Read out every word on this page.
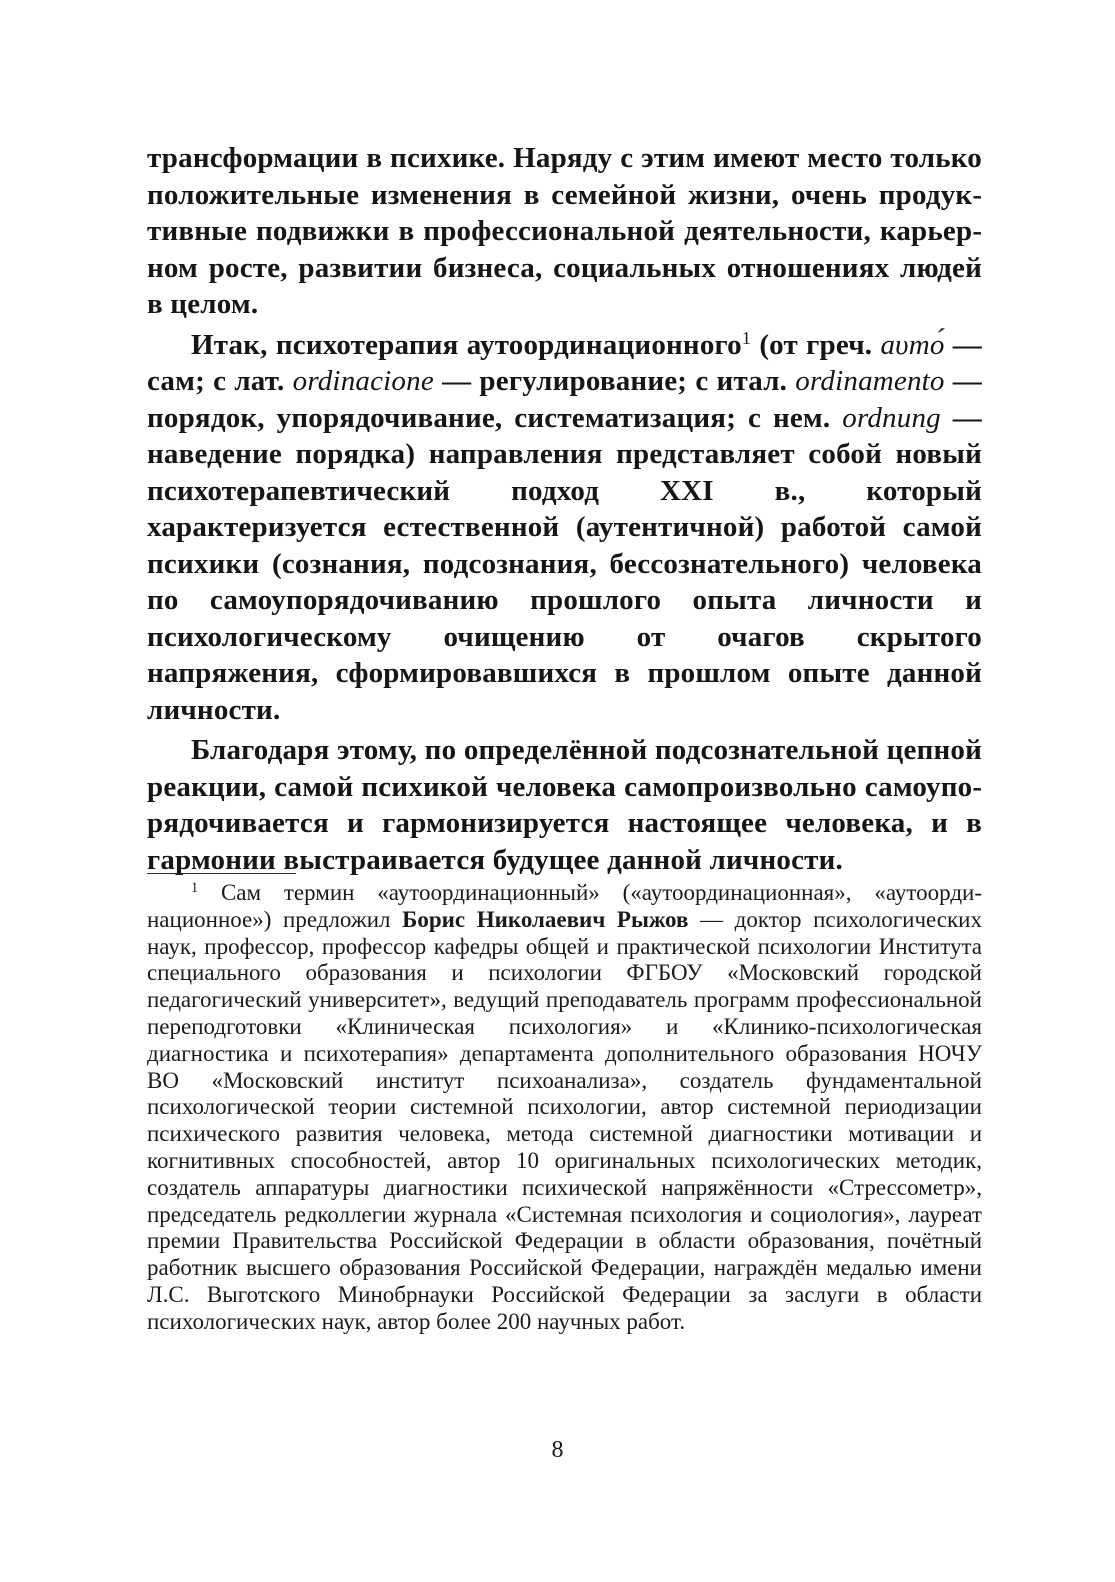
трансформации в психике. Наряду с этим имеют место только положительные изменения в семейной жизни, очень продуктивные подвижки в профессиональной деятельности, карьерном росте, развитии бизнеса, социальных отношениях людей в целом.

Итак, психотерапия аутоординационного$^1$ (от греч. аυто́ — сам; с лат. ordinacione — регулирование; с итал. ordinamento — порядок, упорядочивание, систематизация; с нем. ordnung — наведение порядка) направления представляет собой новый психотерапевтический подход XXI в., который характеризуется естественной (аутентичной) работой самой психики (сознания, подсознания, бессознательного) человека по самоупорядочиванию прошлого опыта личности и психологическому очищению от очагов скрытого напряжения, сформировавшихся в прошлом опыте данной личности.

Благодаря этому, по определённой подсознательной цепной реакции, самой психикой человека самопроизвольно самоупорядочивается и гармонизируется настоящее человека, и в гармонии выстраивается будущее данной личности.

$^1$ Сам термин «аутоординационный» («аутоординационная», «аутоординационное») предложил Борис Николаевич Рыжов — доктор психологических наук, профессор, профессор кафедры общей и практической психологии Института специального образования и психологии ФГБОУ «Московский городской педагогический университет», ведущий преподаватель программ профессиональной переподготовки «Клиническая психология» и «Клинико-психологическая диагностика и психотерапия» департамента дополнительного образования НОЧУ ВО «Московский институт психоанализа», создатель фундаментальной психологической теории системной психологии, автор системной периодизации психического развития человека, метода системной диагностики мотивации и когнитивных способностей, автор 10 оригинальных психологических методик, создатель аппаратуры диагностики психической напряжённости «Стрессометр», председатель редколлегии журнала «Системная психология и социология», лауреат премии Правительства Российской Федерации в области образования, почётный работник высшего образования Российской Федерации, награждён медалью имени Л.С. Выготского Минобрнауки Российской Федерации за заслуги в области психологических наук, автор более 200 научных работ.

8
